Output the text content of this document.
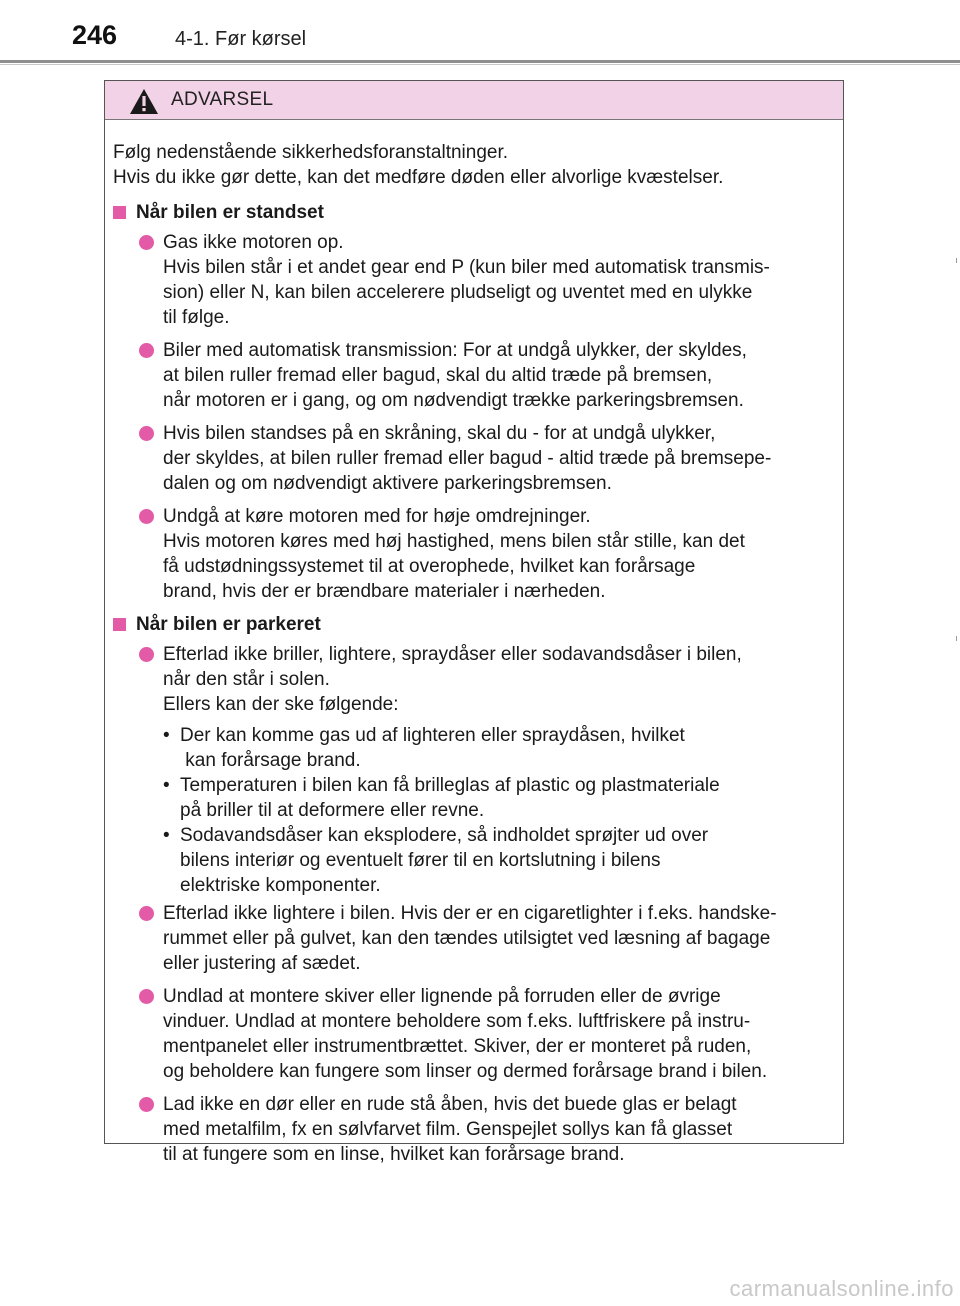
246	4-1. Før kørsel
ADVARSEL

Følg nedenstående sikkerhedsforanstaltninger.
Hvis du ikke gør dette, kan det medføre døden eller alvorlige kvæstelser.

Når bilen er standset
Gas ikke motoren op.
Hvis bilen står i et andet gear end P (kun biler med automatisk transmis-
sion) eller N, kan bilen accelerere pludseligt og uventet med en ulykke
til følge.
Biler med automatisk transmission: For at undgå ulykker, der skyldes,
at bilen ruller fremad eller bagud, skal du altid træde på bremsen,
når motoren er i gang, og om nødvendigt trække parkeringsbremsen.
Hvis bilen standses på en skråning, skal du - for at undgå ulykker,
der skyldes, at bilen ruller fremad eller bagud - altid træde på bremsepe-
dalen og om nødvendigt aktivere parkeringsbremsen.
Undgå at køre motoren med for høje omdrejninger.
Hvis motoren køres med høj hastighed, mens bilen står stille, kan det
få udstødningssystemet til at overophede, hvilket kan forårsage
brand, hvis der er brændbare materialer i nærheden.
Når bilen er parkeret
Efterlad ikke briller, lightere, spraydåser eller sodavandsdåser i bilen,
når den står i solen.
Ellers kan der ske følgende:
• Der kan komme gas ud af lighteren eller spraydåsen, hvilket
kan forårsage brand.
• Temperaturen i bilen kan få brilleglas af plastic og plastmateriale
på briller til at deformere eller revne.
• Sodavandsdåser kan eksplodere, så indholdet sprøjter ud over
bilens interiør og eventuelt fører til en kortslutning i bilens
elektriske komponenter.
Efterlad ikke lightere i bilen. Hvis der er en cigaretlighter i f.eks. handske-
rummet eller på gulvet, kan den tændes utilsigtet ved læsning af bagage
eller justering af sædet.
Undlad at montere skiver eller lignende på forruden eller de øvrige
vinduer. Undlad at montere beholdere som f.eks. luftfriskere på instru-
mentpanelet eller instrumentbrættet. Skiver, der er monteret på ruden,
og beholdere kan fungere som linser og dermed forårsage brand i bilen.
Lad ikke en dør eller en rude stå åben, hvis det buede glas er belagt
med metalfilm, fx en sølvfarvet film. Genspejlet sollys kan få glasset
til at fungere som en linse, hvilket kan forårsage brand.
carmanualsonline.info
